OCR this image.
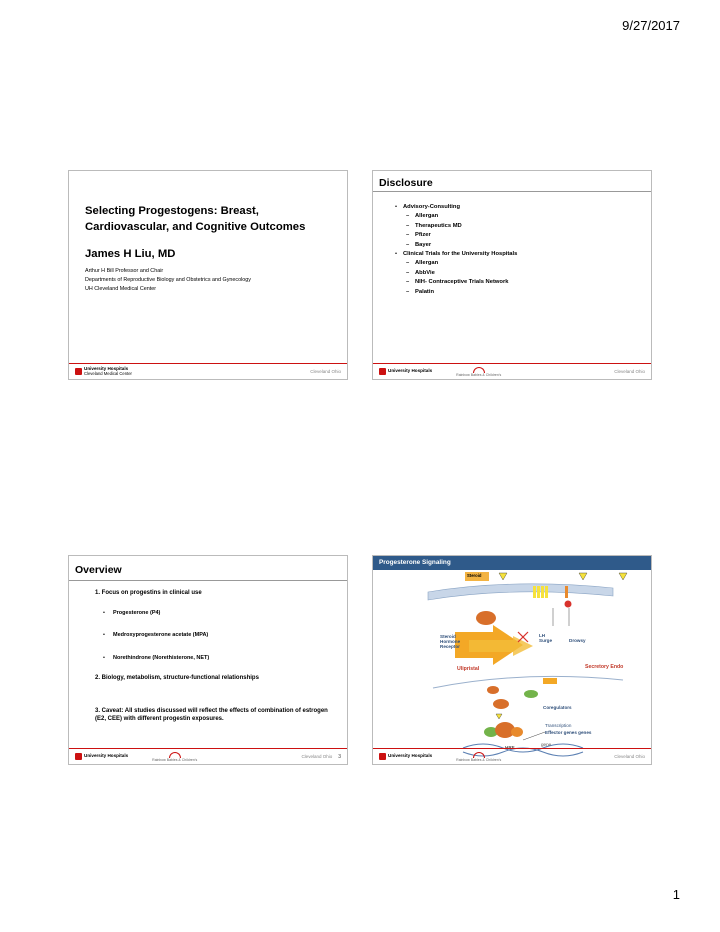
9/27/2017
Selecting Progestogens: Breast, Cardiovascular, and Cognitive Outcomes
James H Liu, MD
Arthur H Bill Professor and Chair
Departments of Reproductive Biology and Obstetrics and Gynecology
UH Cleveland Medical Center
University Hospitals
Cleveland Medical Center	Cleveland Ohio
Disclosure
• Advisory-Consulting
– Allergan
– Therapeutics MD
– Pfizer
– Bayer
• Clinical Trials for the University Hospitals
– Allergan
– AbbVie
– NIH- Contraceptive Trials Network
– Palatin
University Hospitals
Rainbow Babies & Children's
Cleveland Ohio
Overview
1. Focus on progestins in clinical use
• Progesterone (P4)
• Medroxyprogesterone acetate (MPA)
• Norethindrone (Norethisterone, NET)
2. Biology, metabolism, structure-functional relationships
3. Caveat: All studies discussed will reflect the effects of combination of estrogen (E2, CEE) with different progestin exposures.
University Hospitals
Rainbow Babies & Children's
Cleveland Ohio 3
Progesterone Signaling
Steroid
Steroid Hormone Receptor
LH Surge	Drowsy
Secretory Endo
Ulipristal
Coregulators
Transcription
Effector genes genes
HRE
gene
University Hospitals
Rainbow Babies & Children's
Cleveland Ohio
1
